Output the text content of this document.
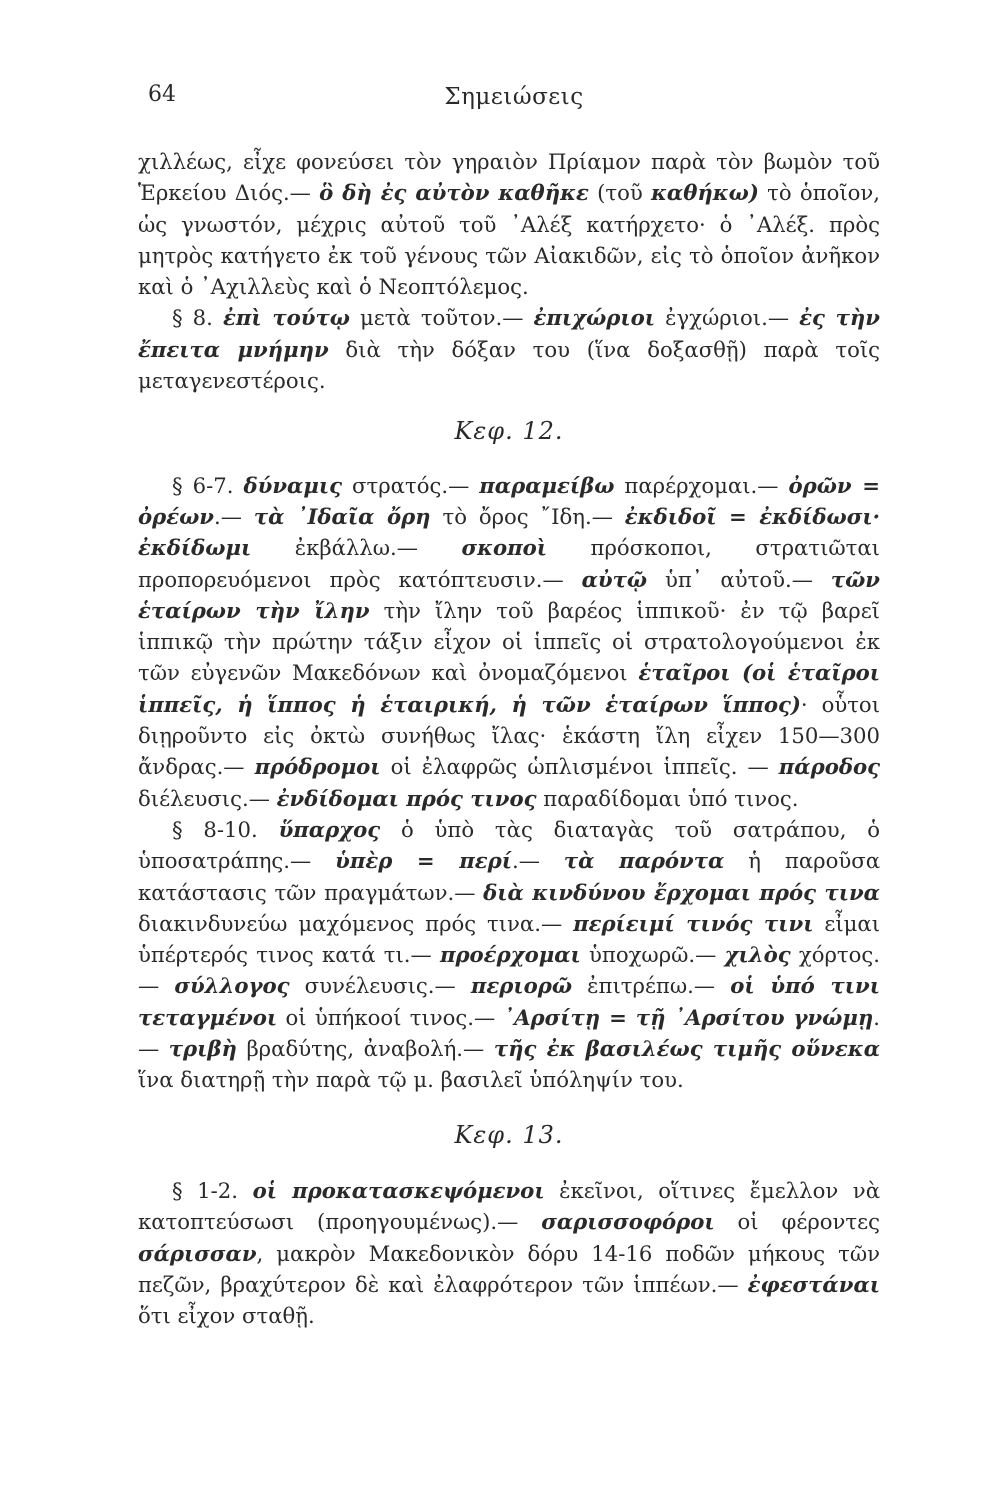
64	Σημειώσεις

χιλλέως, εἶχε φονεύσει τὸν γηραιὸν Πρίαμον παρὰ τὸν βωμὸν τοῦ Ἑρκείου Διός.— ὃ δὴ ἐς αὐτὸν καθῆκε (τοῦ καθήκω) τὸ ὁποῖον, ὡς γνωστόν, μέχρις αὐτοῦ τοῦ ᾿Αλέξ κατήρχετο· ὁ ᾿Αλέξ. πρὸς μητρὸς κατήγετο ἐκ τοῦ γένους τῶν Αἰακιδῶν, εἰς τὸ ὁποῖον ἀνῆκον καὶ ὁ ᾿Αχιλλεὺς καὶ ὁ Νεοπτόλεμος.

§ 8. ἐπὶ τούτῳ μετὰ τοῦτον.— ἐπιχώριοι ἐγχώριοι.— ἐς τὴν ἔπειτα μνήμην διὰ τὴν δόξαν του (ἵνα δοξασθῇ) παρὰ τοῖς μεταγενεστέροις.

Κεφ. 12.

§ 6-7. δύναμις στρατός.— παραμείβω παρέρχομαι.— ὀρῶν = ὀρέων.— τὰ ᾿Ιδαῖα ὄρη τὸ ὄρος ῎Ιδη.— ἐκδιδοῖ = ἐκδίδωσι· ἐκδίδωμι ἐκβάλλω.— σκοποὶ πρόσκοποι, στρατιῶται προπορευόμενοι πρὸς κατόπτευσιν.— αὐτῷ ὑπ᾿ αὐτοῦ.— τῶν ἑταίρων τὴν ἴλην τὴν ἴλην τοῦ βαρέος ἱππικοῦ· ἐν τῷ βαρεῖ ἱππικῷ τὴν πρώτην τάξιν εἶχον οἱ ἱππεῖς οἱ στρατολογούμενοι ἐκ τῶν εὐγενῶν Μακεδόνων καὶ ὀνομαζόμενοι ἑταῖροι (οἱ ἑταῖροι ἱππεῖς, ἡ ἵππος ἡ ἑταιρική, ἡ τῶν ἑταίρων ἵππος)· οὗτοι διῃροῦντο εἰς ὀκτὼ συνήθως ἴλας· ἑκάστη ἴλη εἶχεν 150—300 ἄνδρας.— πρόδρομοι οἱ ἐλαφρῶς ὡπλισμένοι ἱππεῖς. — πάροδος διέλευσις.— ἐνδίδομαι πρός τινος παραδίδομαι ὑπό τινος.

§ 8-10. ὕπαρχος ὁ ὑπὸ τὰς διαταγὰς τοῦ σατράπου, ὁ ὑποσατράπης.— ὑπὲρ = περί.— τὰ παρόντα ἡ παροῦσα κατάστασις τῶν πραγμάτων.— διὰ κινδύνου ἔρχομαι πρός τινα διακινδυνεύω μαχόμενος πρός τινα.— περίειμί τινός τινι εἶμαι ὑπέρτερός τινος κατά τι.— προέρχομαι ὑποχωρῶ.— χιλὸς χόρτος.— σύλλογος συνέλευσις.— περιορῶ ἐπιτρέπω.— οἱ ὑπό τινι τεταγμένοι οἱ ὑπήκοοί τινος.— ᾿Αρσίτῃ = τῇ ᾿Αρσίτου γνώμῃ.— τριβὴ βραδύτης, ἀναβολή.— τῆς ἐκ βασιλέως τιμῆς οὕνεκα ἵνα διατηρῇ τὴν παρὰ τῷ μ. βασιλεῖ ὑπόληψίν του.

Κεφ. 13.

§ 1-2. οἱ προκατασκεψόμενοι ἐκεῖνοι, οἵτινες ἔμελλον νὰ κατοπτεύσωσι (προηγουμένως).— σαρισσοφόροι οἱ φέροντες σάρισσαν, μακρὸν Μακεδονικὸν δόρυ 14-16 ποδῶν μήκους τῶν πεζῶν, βραχύτερον δὲ καὶ ἐλαφρότερον τῶν ἱππέων.— ἐφεστάναι ὅτι εἶχον σταθῇ.
